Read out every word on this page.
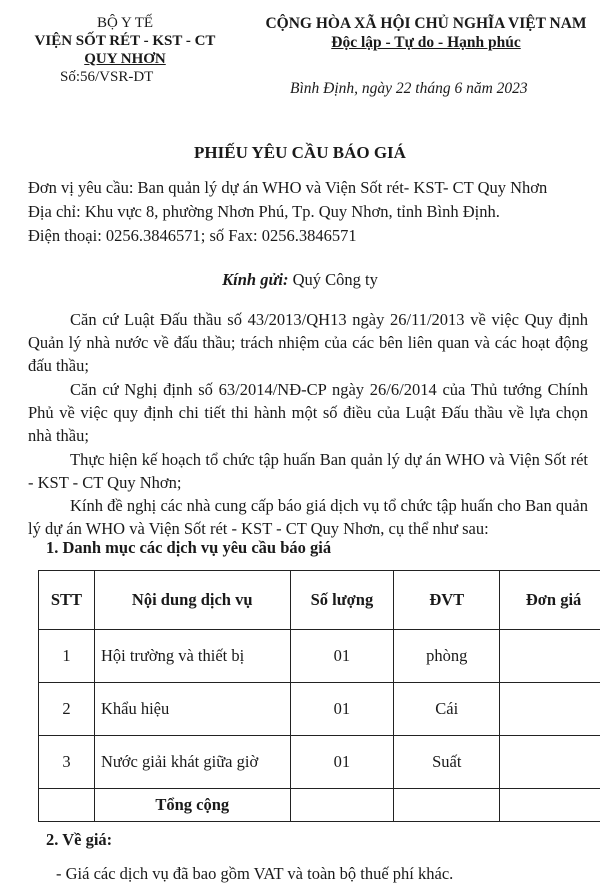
BỘ Y TẾ
VIỆN SỐT RÉT - KST - CT
QUY NHƠN
Số:56/VSR-DT
CỘNG HÒA XÃ HỘI CHỦ NGHĨA VIỆT NAM
Độc lập - Tự do - Hạnh phúc
Bình Định, ngày 22 tháng 6 năm 2023
PHIẾU YÊU CẦU BÁO GIÁ
Đơn vị yêu cầu: Ban quản lý dự án WHO và Viện Sốt rét- KST- CT Quy Nhơn
Địa chỉ: Khu vực 8, phường Nhơn Phú, Tp. Quy Nhơn, tỉnh Bình Định.
Điện thoại: 0256.3846571; số Fax: 0256.3846571
Kính gửi: Quý Công ty

Căn cứ Luật Đấu thầu số 43/2013/QH13 ngày 26/11/2013 về việc Quy định Quản lý nhà nước về đấu thầu; trách nhiệm của các bên liên quan và các hoạt động đấu thầu;

Căn cứ Nghị định số 63/2014/NĐ-CP ngày 26/6/2014 của Thủ tướng Chính Phủ về việc quy định chi tiết thi hành một số điều của Luật Đấu thầu về lựa chọn nhà thầu;

Thực hiện kế hoạch tổ chức tập huấn Ban quản lý dự án WHO và Viện Sốt rét - KST - CT Quy Nhơn;

Kính đề nghị các nhà cung cấp báo giá dịch vụ tổ chức tập huấn cho Ban quản lý dự án WHO và Viện Sốt rét - KST - CT Quy Nhơn, cụ thể như sau:

1. Danh mục các dịch vụ yêu cầu báo giá
STT	Nội dung dịch vụ	Số lượng	ĐVT	Đơn giá
1	Hội trường và thiết bị	01	phòng	
2	Khẩu hiệu	01	Cái	
3	Nước giải khát giữa giờ	01	Suất	
	Tổng cộng			
2. Về giá:
- Giá các dịch vụ đã bao gồm VAT và toàn bộ thuế phí khác.
